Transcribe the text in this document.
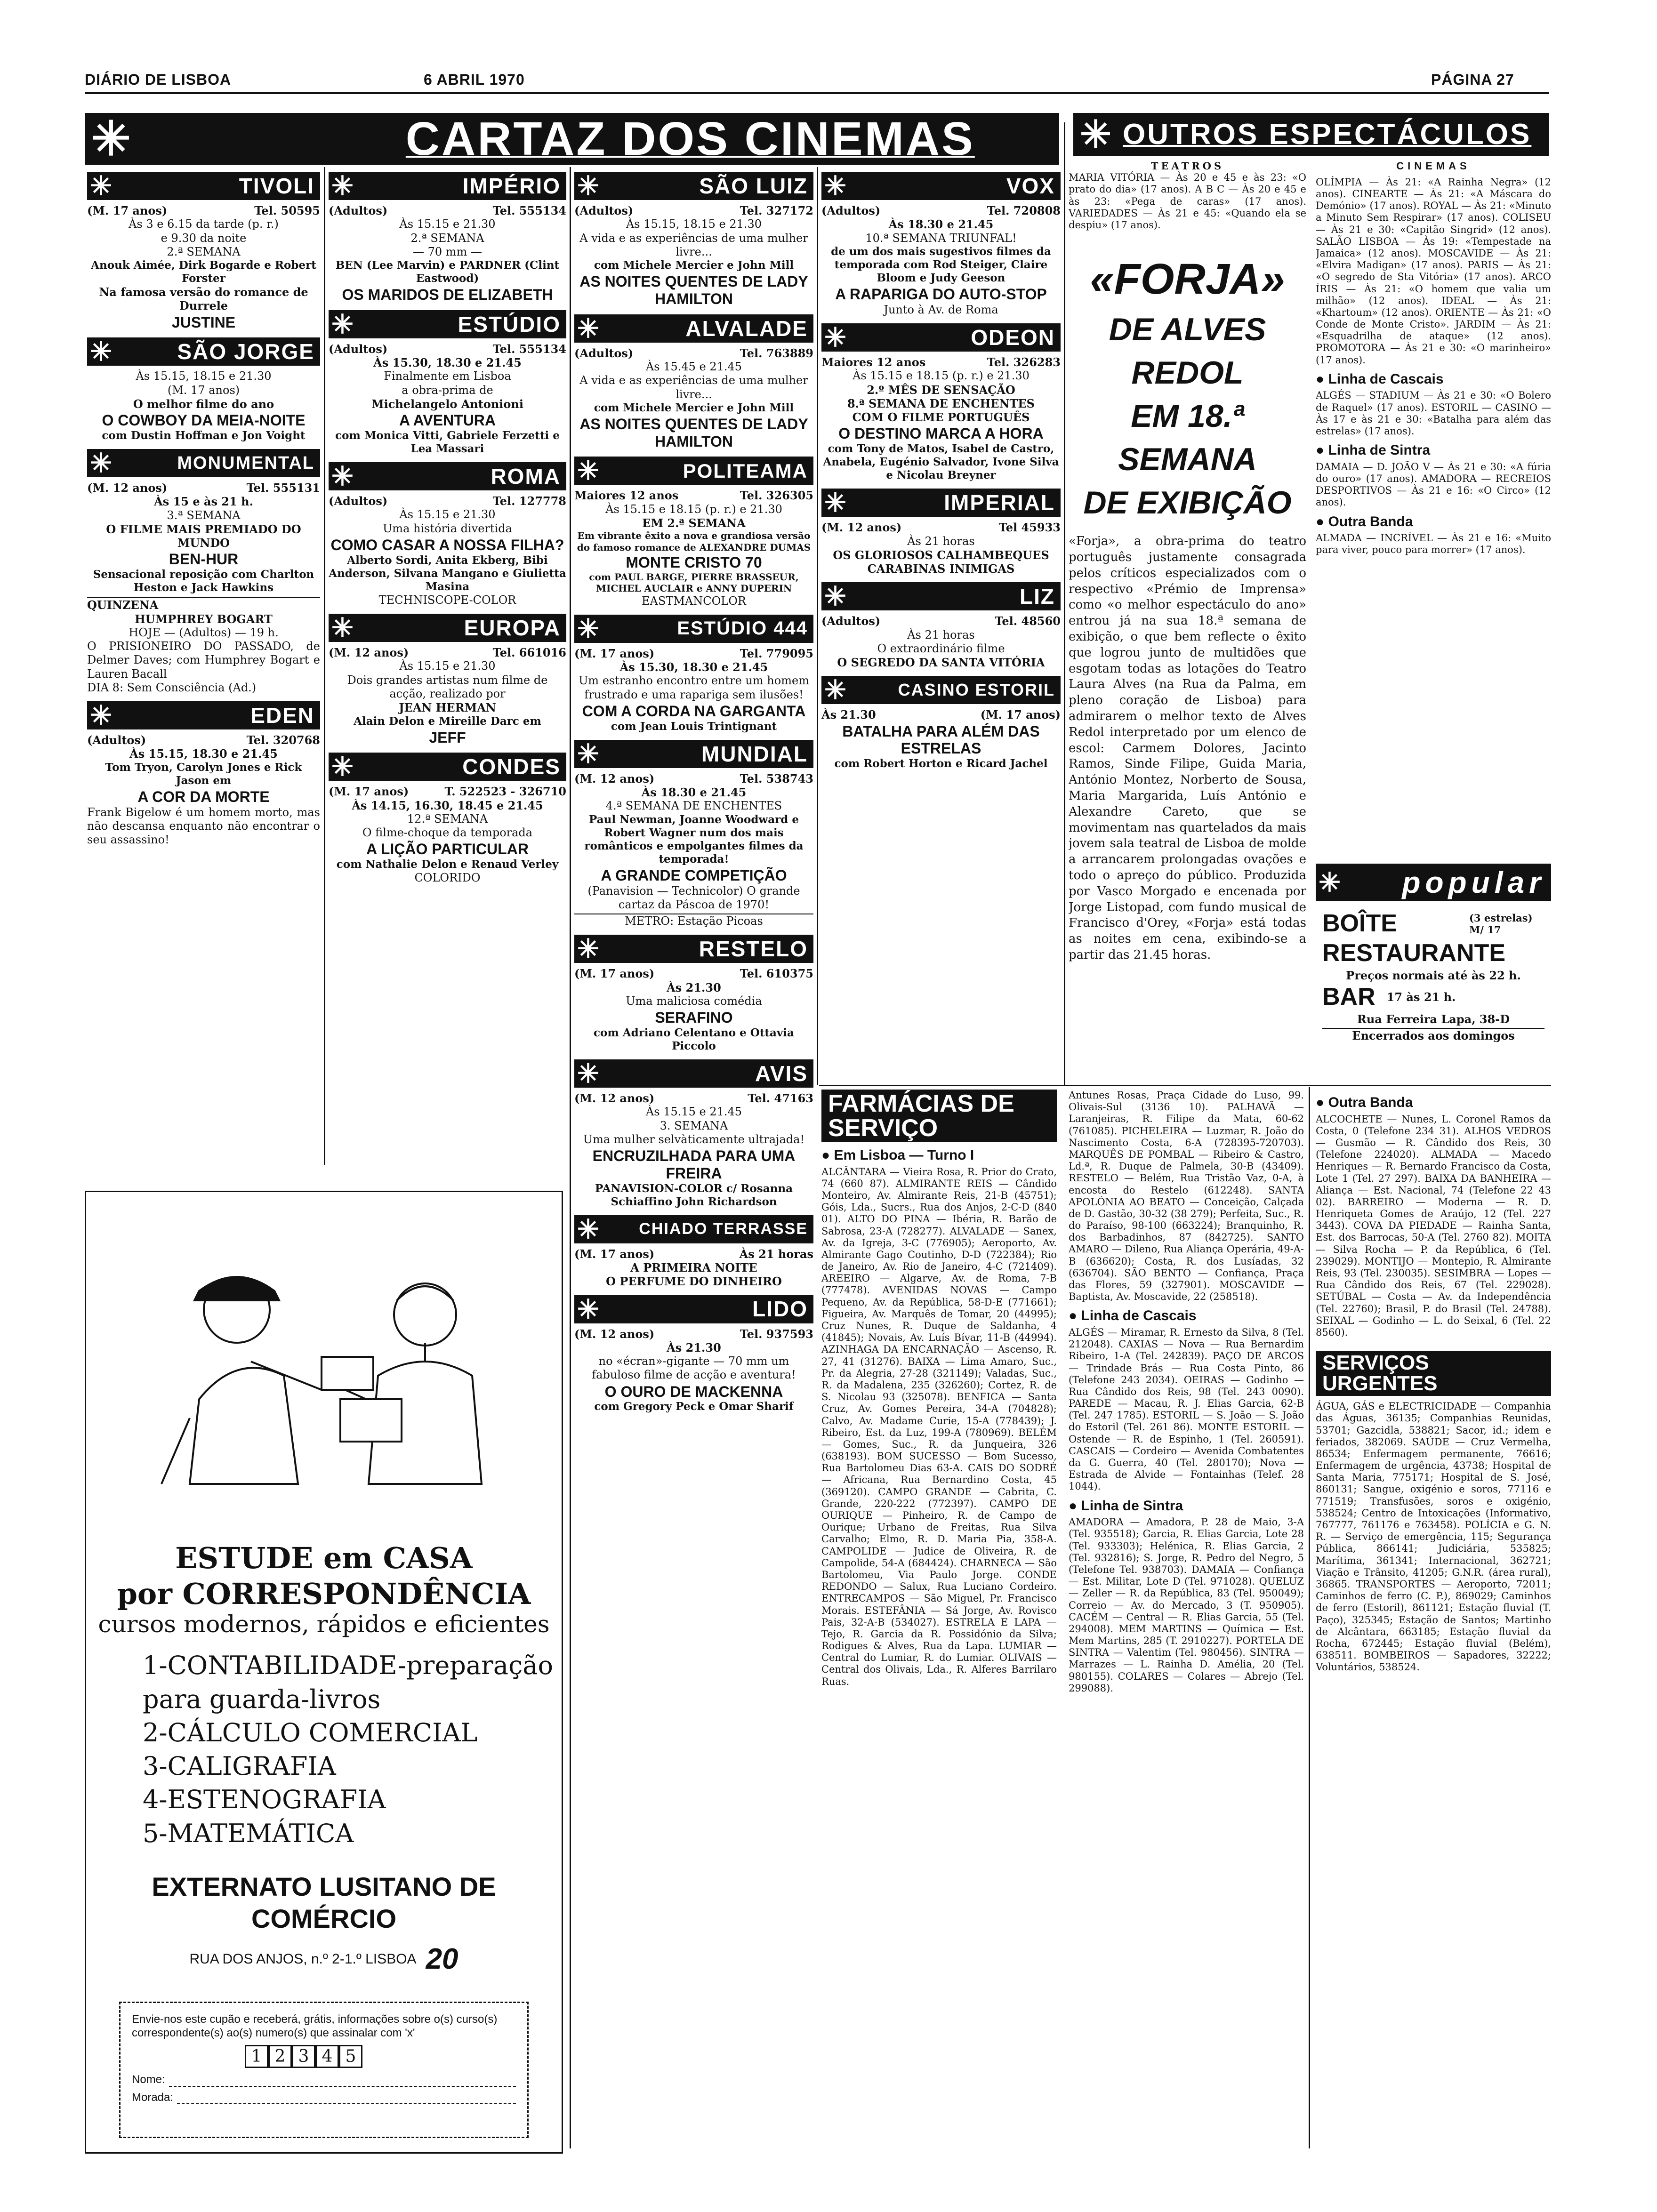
DIÁRIO DE LISBOA	6 ABRIL 1970	PÁGINA 27
✳	CARTAZ DOS CINEMAS	✳ OUTROS ESPECTÁCULOS
✳	TIVOLI
(M. 17 anos)	Tel. 50595
Às 3 e 6.15 da tarde (p. r.)
e 9.30 da noite
2.ª SEMANA
Anouk Aimée, Dirk Bogarde e Robert Forster
Na famosa versão do romance de Durrele
JUSTINE
✳	SÃO JORGE
Às 15.15, 18.15 e 21.30
(M. 17 anos)
O melhor filme do ano
O COWBOY DA MEIA-NOITE
com Dustin Hoffman e Jon Voight
✳	MONUMENTAL
(M. 12 anos)	Tel. 555131
Às 15 e às 21 h.
3.ª SEMANA
O FILME MAIS PREMIADO DO MUNDO
BEN-HUR
Sensacional reposição com Charlton Heston e Jack Hawkins
QUINZENA
HUMPHREY BOGART
HOJE — (Adultos) — 19 h.
O PRISIONEIRO DO PASSADO, de Delmer Daves; com Humphrey Bogart e Lauren Bacall
DIA 8: Sem Consciência (Ad.)
✳	EDEN
(Adultos)	Tel. 320768
Às 15.15, 18.30 e 21.45
Tom Tryon, Carolyn Jones e Rick Jason em
A COR DA MORTE
Frank Bigelow é um homem morto, mas não descansa enquanto não encontrar o seu assassino!
✳	IMPÉRIO
(Adultos)	Tel. 555134
Às 15.15 e 21.30
2.ª SEMANA
— 70 mm —
BEN (Lee Marvin) e PARDNER (Clint Eastwood)
OS MARIDOS DE ELIZABETH
✳	ESTÚDIO
(Adultos)	Tel. 555134
Às 15.30, 18.30 e 21.45
Finalmente em Lisboa
a obra-prima de
Michelangelo Antonioni
A AVENTURA
com Monica Vitti, Gabriele Ferzetti e Lea Massari
✳	ROMA
(Adultos)	Tel. 127778
Às 15.15 e 21.30
Uma história divertida
COMO CASAR A NOSSA FILHA?
Alberto Sordi, Anita Ekberg, Bibi Anderson, Silvana Mangano e Giulietta Masina
TECHNISCOPE-COLOR
✳	EUROPA
(M. 12 anos)	Tel. 661016
Às 15.15 e 21.30
Dois grandes artistas num filme de acção, realizado por
JEAN HERMAN
Alain Delon e Mireille Darc em
JEFF
✳	CONDES
(M. 17 anos)	T. 522523 - 326710
Às 14.15, 16.30, 18.45 e 21.45
12.ª SEMANA
O filme-choque da temporada
A LIÇÃO PARTICULAR
com Nathalie Delon e Renaud Verley
COLORIDO
✳	SÃO LUIZ
(Adultos)	Tel. 327172
Às 15.15, 18.15 e 21.30
A vida e as experiências de uma mulher livre...
com Michele Mercier e John Mill
AS NOITES QUENTES DE LADY HAMILTON
✳	ALVALADE
(Adultos)	Tel. 763889
Às 15.45 e 21.45
A vida e as experiências de uma mulher livre...
com Michele Mercier e John Mill
AS NOITES QUENTES DE LADY HAMILTON
✳	POLITEAMA
Maiores 12 anos	Tel. 326305
Às 15.15 e 18.15 (p. r.) e 21.30
EM 2.ª SEMANA
Em vibrante êxito a nova e grandiosa versão do famoso romance de ALEXANDRE DUMAS
MONTE CRISTO 70
com PAUL BARGE, PIERRE BRASSEUR, MICHEL AUCLAIR e ANNY DUPERIN
EASTMANCOLOR
✳	ESTÚDIO 444
(M. 17 anos)	Tel. 779095
Às 15.30, 18.30 e 21.45
Um estranho encontro entre um homem frustrado e uma rapariga sem ilusões!
COM A CORDA NA GARGANTA
com Jean Louis Trintignant
✳	MUNDIAL
(M. 12 anos)	Tel. 538743
Às 18.30 e 21.45
4.ª SEMANA DE ENCHENTES
Paul Newman, Joanne Woodward e Robert Wagner num dos mais românticos e empolgantes filmes da temporada!
A GRANDE COMPETIÇÃO
(Panavision — Technicolor) O grande cartaz da Páscoa de 1970!
METRO: Estação Picoas
✳	RESTELO
(M. 17 anos)	Tel. 610375
Às 21.30
Uma maliciosa comédia
SERAFINO
com Adriano Celentano e Ottavia Piccolo
✳	AVIS
(M. 12 anos)	Tel. 47163
Às 15.15 e 21.45
3. SEMANA
Uma mulher selvàticamente ultrajada!
ENCRUZILHADA PARA UMA FREIRA
PANAVISION-COLOR c/ Rosanna Schiaffino John Richardson
✳	CHIADO TERRASSE
(M. 17 anos)	Às 21 horas
A PRIMEIRA NOITE
O PERFUME DO DINHEIRO
✳	LIDO
(M. 12 anos)	Tel. 937593
Às 21.30
no «écran»-gigante — 70 mm um fabuloso filme de acção e aventura!
O OURO DE MACKENNA
com Gregory Peck e Omar Sharif
✳	VOX
(Adultos)	Tel. 720808
Às 18.30 e 21.45
10.ª SEMANA TRIUNFAL!
de um dos mais sugestivos filmes da temporada com Rod Steiger, Claire Bloom e Judy Geeson
A RAPARIGA DO AUTO-STOP
Junto à Av. de Roma
✳	ODEON
Maiores 12 anos	Tel. 326283
Às 15.15 e 18.15 (p. r.) e 21.30
2.º MÊS DE SENSAÇÃO
8.ª SEMANA DE ENCHENTES
COM O FILME PORTUGUÊS
O DESTINO MARCA A HORA
com Tony de Matos, Isabel de Castro, Anabela, Eugénio Salvador, Ivone Silva e Nicolau Breyner
✳	IMPERIAL
(M. 12 anos)	Tel 45933
Às 21 horas
OS GLORIOSOS CALHAMBEQUES
CARABINAS INIMIGAS
✳	LIZ
(Adultos)	Tel. 48560
Às 21 horas
O extraordinário filme
O SEGREDO DA SANTA VITÓRIA
✳	CASINO ESTORIL
Às 21.30	(M. 17 anos)
BATALHA PARA ALÉM DAS ESTRELAS
com Robert Horton e Ricard Jachel
TEATROS
MARIA VITÓRIA — Às 20 e 45 e às 23: «O prato do dia» (17 anos). A B C — Às 20 e 45 e às 23: «Pega de caras» (17 anos). VARIEDADES — Às 21 e 45: «Quando ela se despiu» (17 anos).
«FORJA»
DE ALVES REDOL
EM 18.ª SEMANA
DE EXIBIÇÃO
«Forja», a obra-prima do teatro português justamente consagrada pelos críticos especializados com o respectivo «Prémio de Imprensa» como «o melhor espectáculo do ano» entrou já na sua 18.ª semana de exibição, o que bem reflecte o êxito que logrou junto de multidões que esgotam todas as lotações do Teatro Laura Alves (na Rua da Palma, em pleno coração de Lisboa) para admirarem o melhor texto de Alves Redol interpretado por um elenco de escol: Carmem Dolores, Jacinto Ramos, Sinde Filipe, Guida Maria, António Montez, Norberto de Sousa, Maria Margarida, Luís António e Alexandre Careto, que se movimentam nas quartelados da mais jovem sala teatral de Lisboa de molde a arrancarem prolongadas ovações e todo o apreço do público. Produzida por Vasco Morgado e encenada por Jorge Listopad, com fundo musical de Francisco d'Orey, «Forja» está todas as noites em cena, exibindo-se a partir das 21.45 horas.
CINEMAS
OLÍMPIA — Às 21: «A Rainha Negra» (12 anos). CINEARTE — Às 21: «A Máscara do Demónio» (17 anos). ROYAL — Às 21: «Minuto a Minuto Sem Respirar» (17 anos). COLISEU — Às 21 e 30: «Capitão Singrid» (12 anos). SALÃO LISBOA — Às 19: «Tempestade na Jamaica» (12 anos). MOSCAVIDE — Às 21: «Elvira Madigan» (17 anos). PARIS — Às 21: «O segredo de Sta Vitória» (17 anos). ARCO ÍRIS — Às 21: «O homem que valia um milhão» (12 anos). IDEAL — Às 21: «Khartoum» (12 anos). ORIENTE — Às 21: «O Conde de Monte Cristo». JARDIM — Às 21: «Esquadrilha de ataque» (12 anos). PROMOTORA — Às 21 e 30: «O marinheiro» (17 anos).
● Linha de Cascais
ALGÉS — STADIUM — Às 21 e 30: «O Bolero de Raquel» (17 anos). ESTORIL — CASINO — Às 17 e às 21 e 30: «Batalha para além das estrelas» (17 anos).
● Linha de Sintra
DAMAIA — D. JOÃO V — Às 21 e 30: «A fúria do ouro» (17 anos). AMADORA — RECREIOS DESPORTIVOS — Às 21 e 16: «O Circo» (12 anos).
● Outra Banda
ALMADA — INCRÍVEL — Às 21 e 16: «Muito para viver, pouco para morrer» (17 anos).
✳	popular
BOÎTE	(3 estrelas) M/ 17
RESTAURANTE
Preços normais até às 22 h.
BAR 17 às 21 h.
Rua Ferreira Lapa, 38-D
Encerrados aos domingos
FARMÁCIAS DE SERVIÇO
● Em Lisboa — Turno I
ALCÂNTARA — Vieira Rosa, R. Prior do Crato, 74 (660 87). ALMIRANTE REIS — Cândido Monteiro, Av. Almirante Reis, 21-B (45751); Góis, Lda., Sucrs., Rua dos Anjos, 2-C-D (840 01). ALTO DO PINA — Ibéria, R. Barão de Sabrosa, 23-A (728277). ALVALADE — Sanex, Av. da Igreja, 3-C (776905); Aeroporto, Av. Almirante Gago Coutinho, D-D (722384); Rio de Janeiro, Av. Rio de Janeiro, 4-C (721409). AREEIRO — Algarve, Av. de Roma, 7-B (777478). AVENIDAS NOVAS — Campo Pequeno, Av. da República, 58-D-E (771661); Figueira, Av. Marquês de Tomar, 20 (44995); Cruz Nunes, R. Duque de Saldanha, 4 (41845); Novais, Av. Luís Bívar, 11-B (44994). AZINHAGA DA ENCARNAÇÃO — Ascenso, R. 27, 41 (31276). BAIXA — Lima Amaro, Suc., Pr. da Alegria, 27-28 (321149); Valadas, Suc., R. da Madalena, 235 (326260); Cortez, R. de S. Nicolau 93 (325078). BENFICA — Santa Cruz, Av. Gomes Pereira, 34-A (704828); Calvo, Av. Madame Curie, 15-A (778439); J. Ribeiro, Est. da Luz, 199-A (780969). BELÉM — Gomes, Suc., R. da Junqueira, 326 (638193). BOM SUCESSO — Bom Sucesso, Rua Bartolomeu Dias 63-A. CAIS DO SODRÉ — Africana, Rua Bernardino Costa, 45 (369120). CAMPO GRANDE — Cabrita, C. Grande, 220-222 (772397). CAMPO DE OURIQUE — Pinheiro, R. de Campo de Ourique; Urbano de Freitas, Rua Silva Carvalho; Elmo, R. D. Maria Pia, 358-A. CAMPOLIDE — Judice de Oliveira, R. de Campolide, 54-A (684424). CHARNECA — São Bartolomeu, Via Paulo Jorge. CONDE REDONDO — Salux, Rua Luciano Cordeiro. ENTRECAMPOS — São Miguel, Pr. Francisco Morais. ESTEFÂNIA — Sá Jorge, Av. Rovisco Pais, 32-A-B (534027). ESTRELA E LAPA — Tejo, R. Garcia da R. Possidónio da Silva; Rodigues & Alves, Rua da Lapa. LUMIAR — Central do Lumiar, R. do Lumiar. OLIVAIS — Central dos Olivais, Lda., R. Alferes Barrilaro Ruas.
Antunes Rosas, Praça Cidade do Luso, 99. Olivais-Sul (3136 10). PALHAVÃ — Laranjeiras, R. Filipe da Mata, 60-62 (761085). PICHELEIRA — Luzmar, R. João do Nascimento Costa, 6-A (728395-720703). MARQUÊS DE POMBAL — Ribeiro & Castro, Ld.ª, R. Duque de Palmela, 30-B (43409). RESTELO — Belém, Rua Tristão Vaz, 0-A, à encosta do Restelo (612248). SANTA APOLÓNIA AO BEATO — Conceição, Calçada de D. Gastão, 30-32 (38 279); Perfeita, Suc., R. do Paraíso, 98-100 (663224); Branquinho, R. dos Barbadinhos, 87 (842725). SANTO AMARO — Dileno, Rua Aliança Operária, 49-A-B (636620); Costa, R. dos Lusíadas, 32 (636704). SÃO BENTO — Confiança, Praça das Flores, 59 (327901). MOSCAVIDE — Baptista, Av. Moscavide, 22 (258518).
● Linha de Cascais
ALGÉS — Miramar, R. Ernesto da Silva, 8 (Tel. 212048). CAXIAS — Nova — Rua Bernardim Ribeiro, 1-A (Tel. 242839). PAÇO DE ARCOS — Trindade Brás — Rua Costa Pinto, 86 (Telefone 243 2034). OEIRAS — Godinho — Rua Cândido dos Reis, 98 (Tel. 243 0090). PAREDE — Macau, R. J. Elias Garcia, 62-B (Tel. 247 1785). ESTORIL — S. João — S. João do Estoril (Tel. 261 86). MONTE ESTORIL — Ostende — R. de Espinho, 1 (Tel. 260591). CASCAIS — Cordeiro — Avenida Combatentes da G. Guerra, 40 (Tel. 280170); Nova — Estrada de Alvide — Fontainhas (Telef. 28 1044).
● Linha de Sintra
AMADORA — Amadora, P. 28 de Maio, 3-A (Tel. 935518); Garcia, R. Elias Garcia, Lote 28 (Tel. 933303); Helénica, R. Elias Garcia, 2 (Tel. 932816); S. Jorge, R. Pedro del Negro, 5 (Telefone Tel. 938703). DAMAIA — Confiança — Est. Militar, Lote D (Tel. 971028). QUELUZ — Zeller — R. da República, 83 (Tel. 950049); Correio — Av. do Mercado, 3 (T. 950905). CACÉM — Central — R. Elias Garcia, 55 (Tel. 294008). MEM MARTINS — Química — Est. Mem Martins, 285 (T. 2910227). PORTELA DE SINTRA — Valentim (Tel. 980456). SINTRA — Marrazes — L. Rainha D. Amélia, 20 (Tel. 980155). COLARES — Colares — Abrejo (Tel. 299088).
● Outra Banda
ALCOCHETE — Nunes, L. Coronel Ramos da Costa, 0 (Telefone 234 31). ALHOS VEDROS — Gusmão — R. Cândido dos Reis, 30 (Telefone 224020). ALMADA — Macedo Henriques — R. Bernardo Francisco da Costa, Lote 1 (Tel. 27 297). BAIXA DA BANHEIRA — Aliança — Est. Nacional, 74 (Telefone 22 43 02). BARREIRO — Moderna — R. D. Henriqueta Gomes de Araújo, 12 (Tel. 227 3443). COVA DA PIEDADE — Rainha Santa, Est. dos Barrocas, 50-A (Tel. 2760 82). MOITA — Silva Rocha — P. da República, 6 (Tel. 239029). MONTIJO — Montepio, R. Almirante Reis, 93 (Tel. 230035). SESIMBRA — Lopes — Rua Cândido dos Reis, 67 (Tel. 229028). SETÚBAL — Costa — Av. da Independência (Tel. 22760); Brasil, P. do Brasil (Tel. 24788). SEIXAL — Godinho — L. do Seixal, 6 (Tel. 22 8560).
SERVIÇOS URGENTES
ÁGUA, GÁS e ELECTRICIDADE — Companhia das Águas, 36135; Companhias Reunidas, 53701; Gazcidla, 538821; Sacor, id.; idem e feriados, 382069. SAÚDE — Cruz Vermelha, 86534; Enfermagem permanente, 76616; Enfermagem de urgência, 43738; Hospital de Santa Maria, 775171; Hospital de S. José, 860131; Sangue, oxigénio e soros, 77116 e 771519; Transfusões, soros e oxigénio, 538524; Centro de Intoxicações (Informativo, 767777, 761176 e 763458). POLÍCIA e G. N. R. — Serviço de emergência, 115; Segurança Pública, 866141; Judiciária, 535825; Marítima, 361341; Internacional, 362721; Viação e Trânsito, 41205; G.N.R. (área rural), 36865. TRANSPORTES — Aeroporto, 72011; Caminhos de ferro (C. P.), 869029; Caminhos de ferro (Estoril), 861121; Estação fluvial (T. Paço), 325345; Estação de Santos; Martinho de Alcântara, 663185; Estação fluvial da Rocha, 672445; Estação fluvial (Belém), 638511. BOMBEIROS — Sapadores, 32222; Voluntários, 538524.
ESTUDE em CASA
por CORRESPONDÊNCIA
cursos modernos, rápidos e eficientes
1-CONTABILIDADE-preparação para guarda-livros
2-CÁLCULO COMERCIAL
3-CALIGRAFIA
4-ESTENOGRAFIA
5-MATEMÁTICA
EXTERNATO LUSITANO DE COMÉRCIO
RUA DOS ANJOS, n.º 2-1.º LISBOA 20
Envie-nos este cupão e receberá, grátis, informações sobre o(s) curso(s) correspondente(s) ao(s) numero(s) que assinalar com 'x'
1 2 3 4 5
Nome:
Morada:
